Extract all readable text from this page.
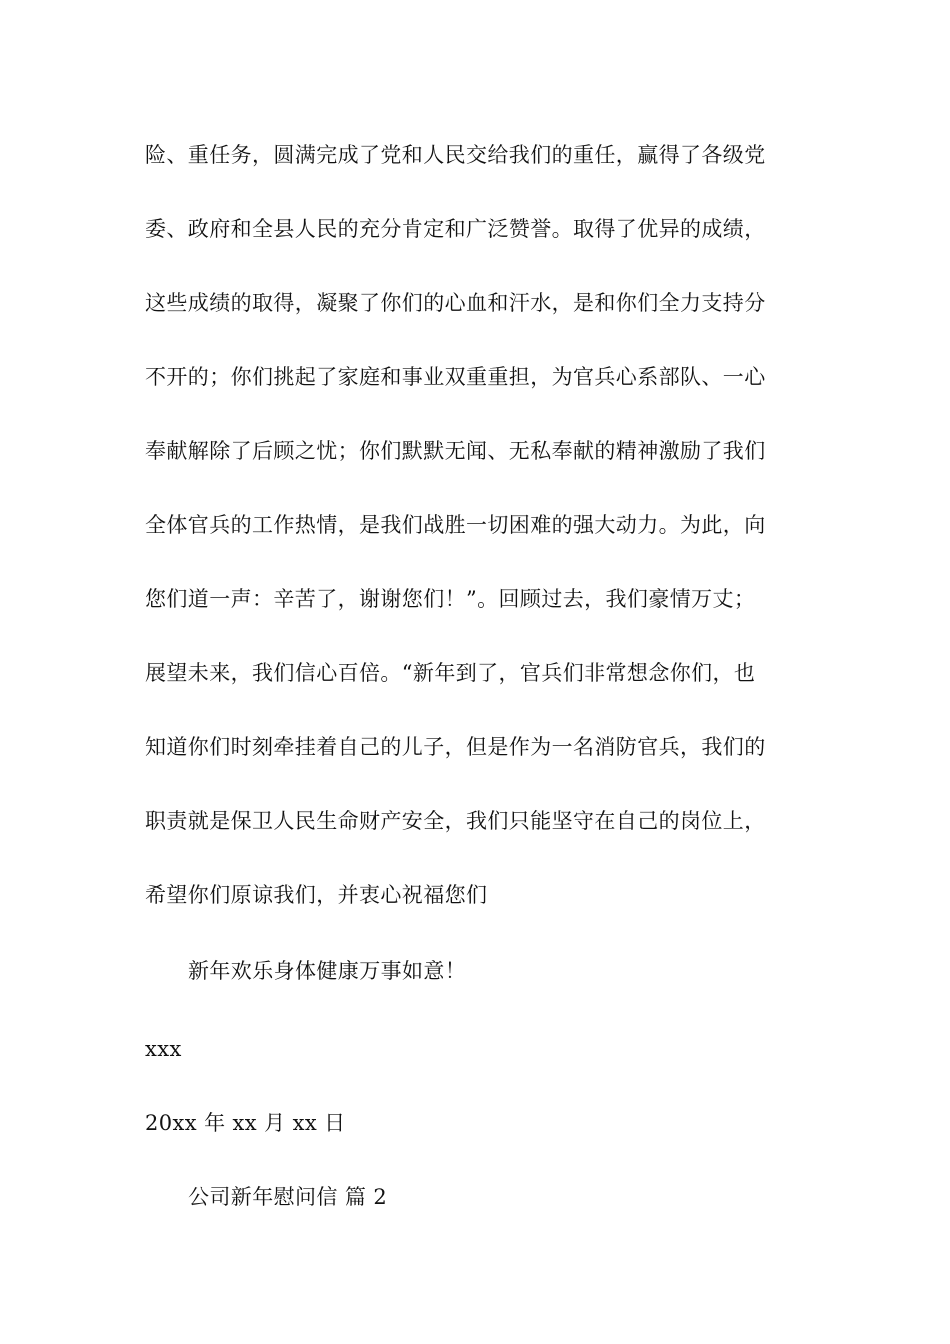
险、重任务，圆满完成了党和人民交给我们的重任，赢得了各级党
委、政府和全县人民的充分肯定和广泛赞誉。取得了优异的成绩，
这些成绩的取得，凝聚了你们的心血和汗水，是和你们全力支持分
不开的；你们挑起了家庭和事业双重重担，为官兵心系部队、一心
奉献解除了后顾之忧；你们默默无闻、无私奉献的精神激励了我们
全体官兵的工作热情，是我们战胜一切困难的强大动力。为此，向
您们道一声：辛苦了，谢谢您们！”。回顾过去，我们豪情万丈；
展望未来，我们信心百倍。“新年到了，官兵们非常想念你们，也
知道你们时刻牵挂着自己的儿子，但是作为一名消防官兵，我们的
职责就是保卫人民生命财产安全，我们只能坚守在自己的岗位上，
希望你们原谅我们，并衷心祝福您们
新年欢乐身体健康万事如意！
xxx
20xx 年 xx 月 xx 日
公司新年慰问信 篇 2
